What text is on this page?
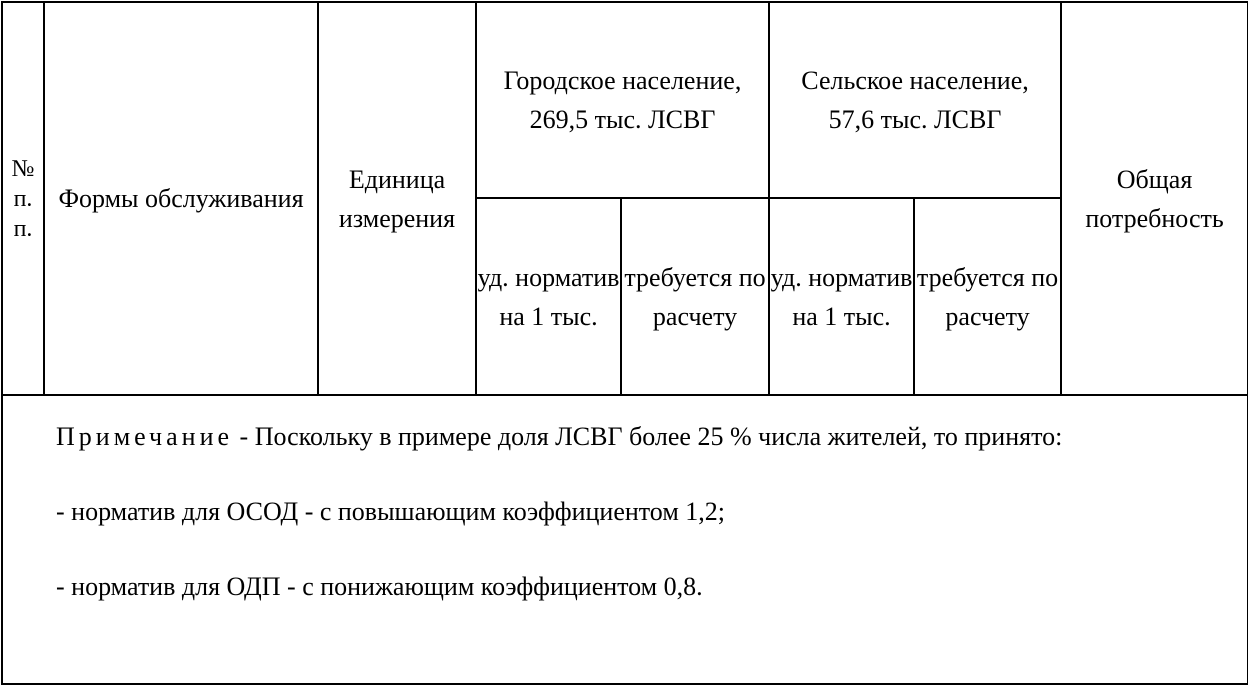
№ п. п.	Формы обслуживания	Единица измерения	Городское население, 269,5 тыс. ЛСВГ		Сельское население, 57,6 тыс. ЛСВГ		Общая потребность

			уд. норматив на 1 тыс.	требуется по расчету	уд. норматив на 1 тыс.	требуется по расчету	

Примечание - Поскольку в примере доля ЛСВГ более 25 % числа жителей, то принято:

- норматив для ОСОД - с повышающим коэффициентом 1,2;

- норматив для ОДП - с понижающим коэффициентом 0,8.							
